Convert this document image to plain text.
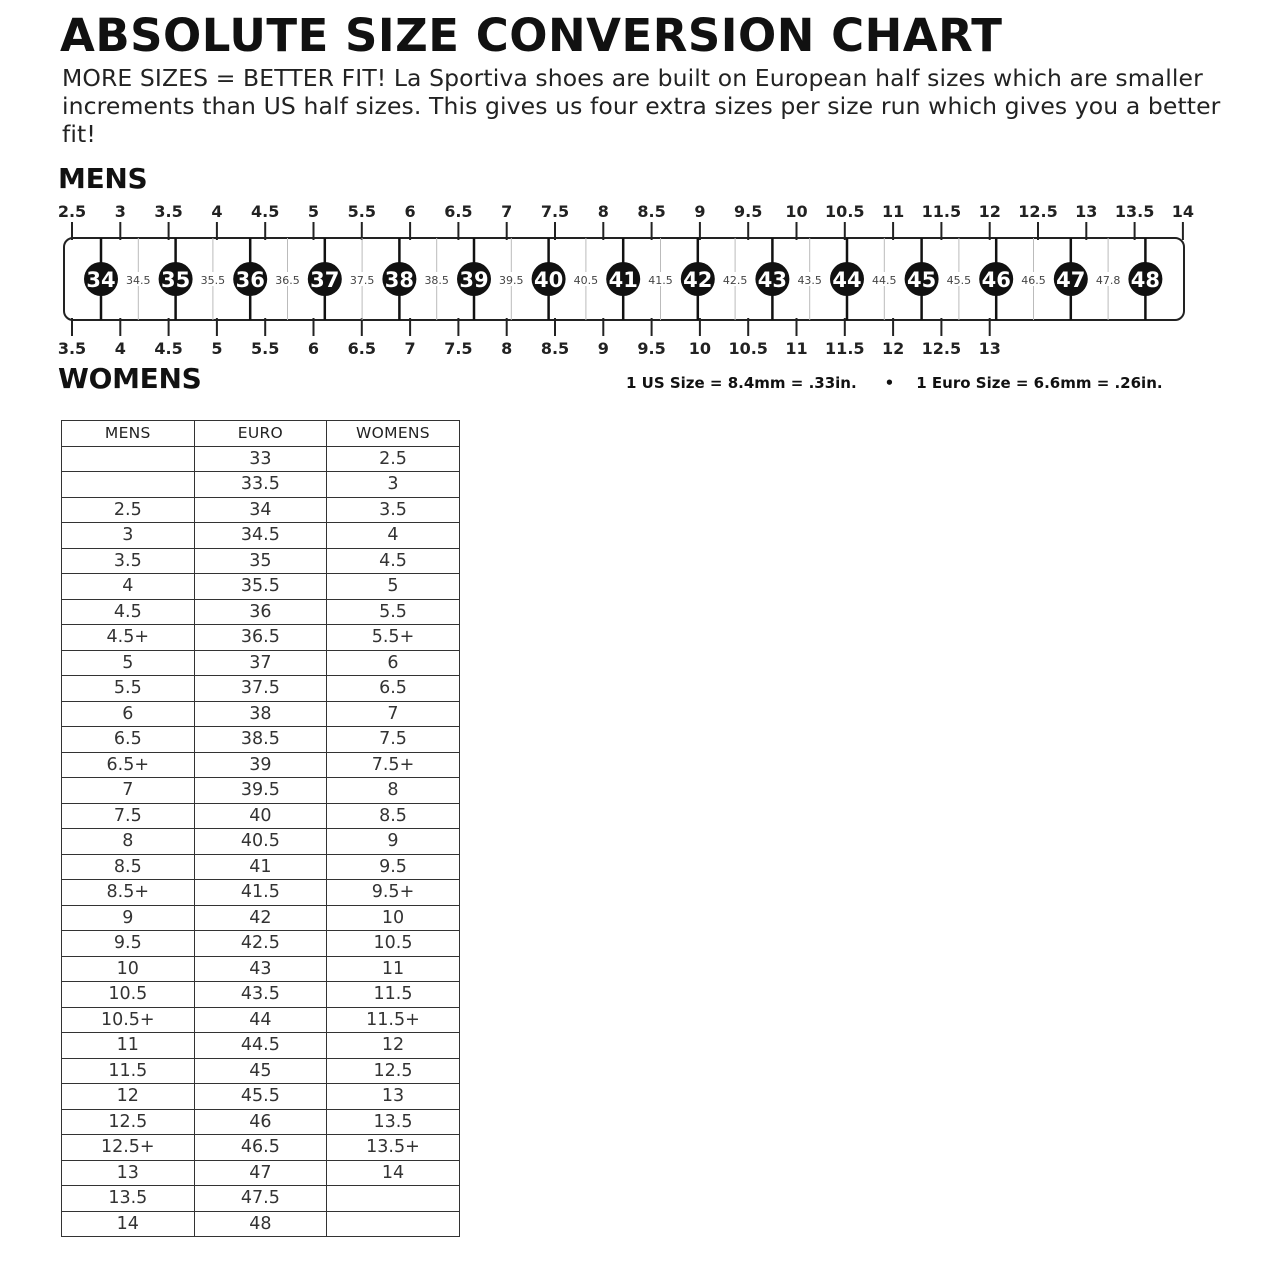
ABSOLUTE SIZE CONVERSION CHART

MORE SIZES = BETTER FIT! La Sportiva shoes are built on European half sizes which are smaller increments than US half sizes. This gives us four extra sizes per size run which gives you a better fit!

MENS
WOMENS
2.5 3 3.5 4 4.5 5 5.5 6 6.5 7 7.5 8 8.5 9 9.5 10 10.5 11 11.5 12 12.5 13 13.5 14
3.5 4 4.5 5 5.5 6 6.5 7 7.5 8 8.5 9 9.5 10 10.5 11 11.5 12 12.5 13
34 35 36 37 38 39 40 41 42 43 44 45 46 47 48
34.5	35.5	36.5	37.5	38.5	39.5	40.5	41.5	42.5	43.5	44.5	45.5	46.5	47.8
1 US Size = 8.4mm = .33in. • 1 Euro Size = 6.6mm = .26in.
MENS	EURO	WOMENS
	33	2.5
	33.5	3
2.5	34	3.5
3	34.5	4
3.5	35	4.5
4	35.5	5
4.5	36	5.5
4.5+	36.5	5.5+
5	37	6
5.5	37.5	6.5
6	38	7
6.5	38.5	7.5
6.5+	39	7.5+
7	39.5	8
7.5	40	8.5
8	40.5	9
8.5	41	9.5
8.5+	41.5	9.5+
9	42	10
9.5	42.5	10.5
10	43	11
10.5	43.5	11.5
10.5+	44	11.5+
11	44.5	12
11.5	45	12.5
12	45.5	13
12.5	46	13.5
12.5+	46.5	13.5+
13	47	14
13.5	47.5	
14	48	
